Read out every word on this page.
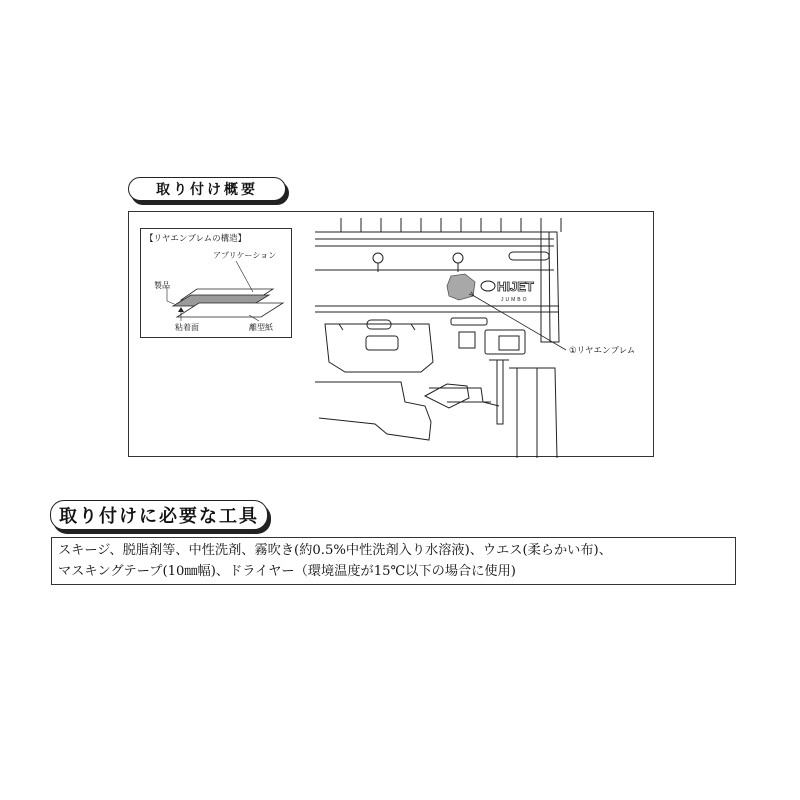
取り付け概要
【リヤエンブレムの構造】
アプリケーション
製品
粘着面	離型紙
HIJET
JUMBO
①リヤエンブレム
取り付けに必要な工具
スキージ、脱脂剤等、中性洗剤、霧吹き(約0.5%中性洗剤入り水溶液)、ウエス(柔らかい布)、
マスキングテープ(10㎜幅)、ドライヤー（環境温度が15℃以下の場合に使用)
